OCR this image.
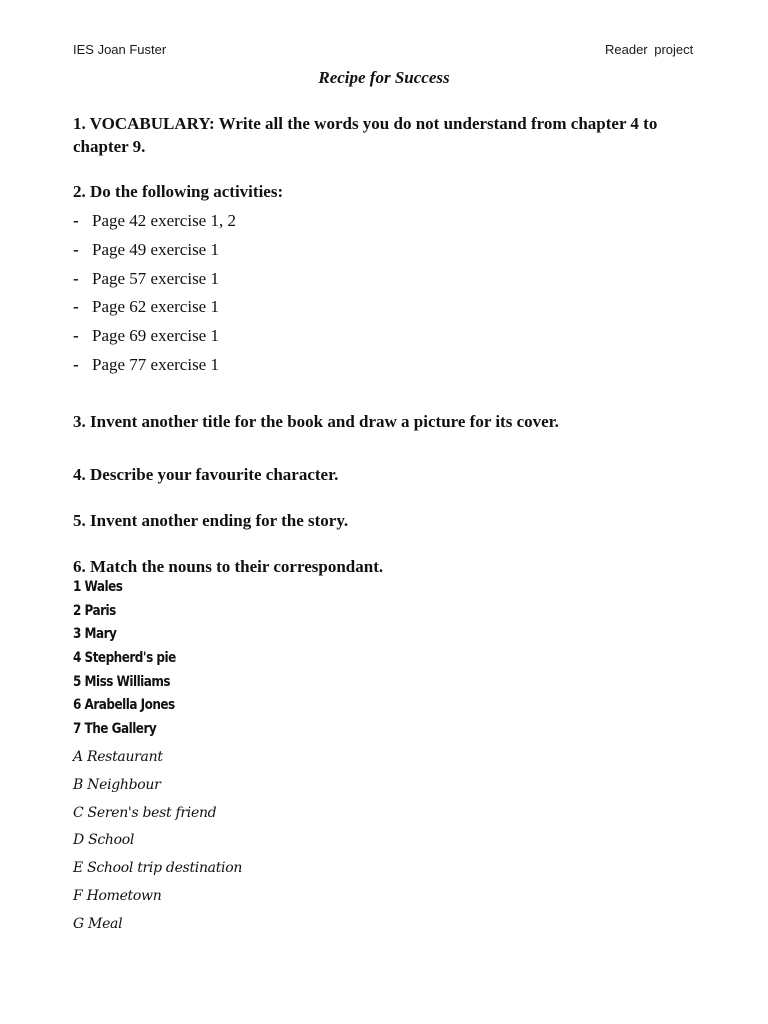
IES Joan Fuster	Reader project
Recipe for Success

1. VOCABULARY: Write all the words you do not understand from chapter 4 to chapter 9.

2. Do the following activities:

- Page 42 exercise 1, 2
- Page 49 exercise 1
- Page 57 exercise 1
- Page 62 exercise 1
- Page 69 exercise 1
- Page 77 exercise 1

3. Invent another title for the book and draw a picture for its cover.

4. Describe your favourite character.

5. Invent another ending for the story.

6. Match the nouns to their correspondant.

1 Wales
2 Paris
3 Mary
4 Stepherd's pie
5 Miss Williams
6 Arabella Jones
7 The Gallery
A Restaurant
B Neighbour
C Seren's best friend
D School
E School trip destination
F Hometown
G Meal
